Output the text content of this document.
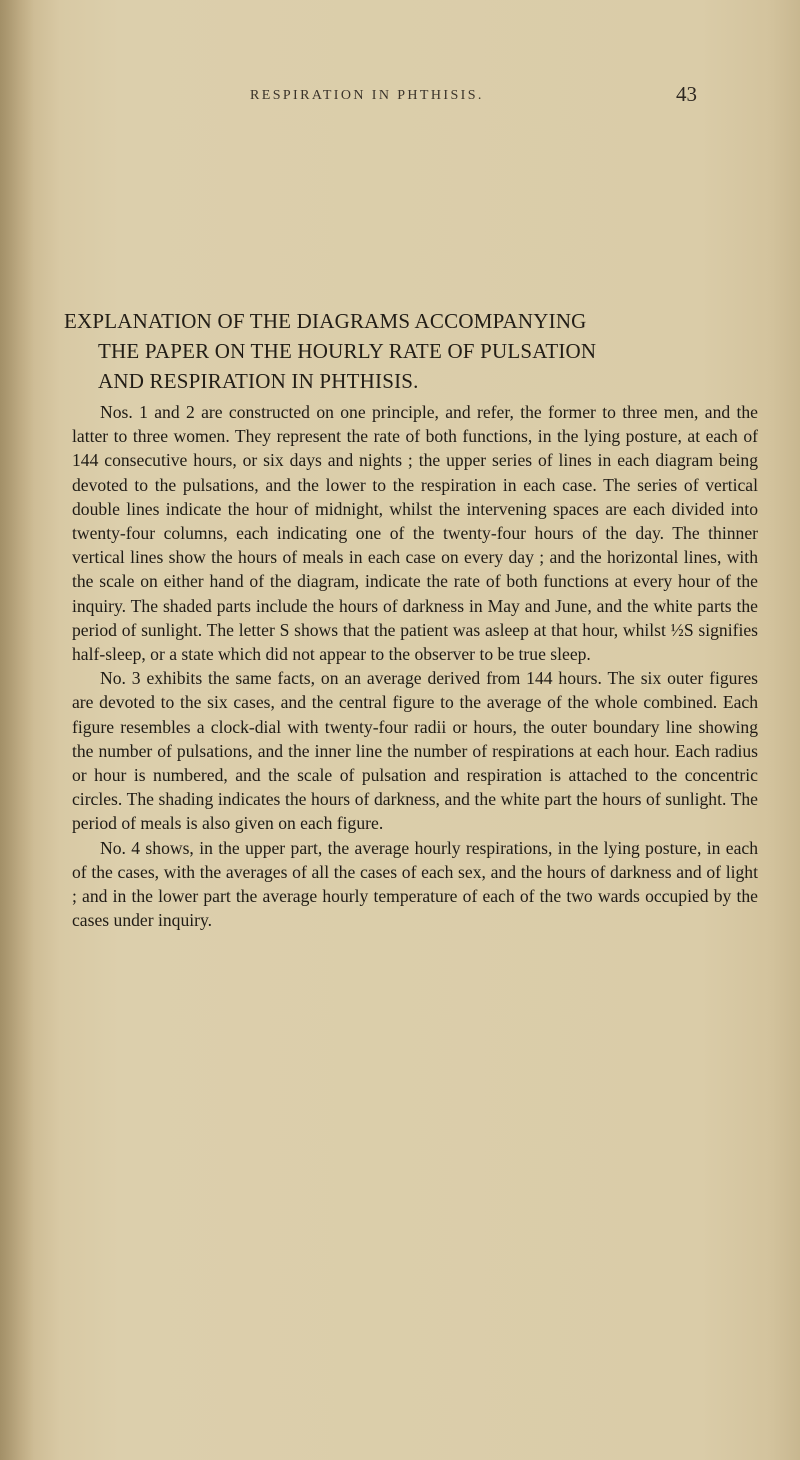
RESPIRATION IN PHTHISIS.	43
EXPLANATION OF THE DIAGRAMS ACCOMPANYING
THE PAPER ON THE HOURLY RATE OF PULSATION
AND RESPIRATION IN PHTHISIS.

Nos. 1 and 2 are constructed on one principle, and refer, the former to three men, and the latter to three women. They represent the rate of both functions, in the lying posture, at each of 144 consecutive hours, or six days and nights ; the upper series of lines in each diagram being devoted to the pulsations, and the lower to the respiration in each case. The series of vertical double lines indicate the hour of midnight, whilst the intervening spaces are each divided into twenty-four columns, each indicating one of the twenty-four hours of the day. The thinner vertical lines show the hours of meals in each case on every day ; and the horizontal lines, with the scale on either hand of the diagram, indicate the rate of both functions at every hour of the inquiry. The shaded parts include the hours of darkness in May and June, and the white parts the period of sunlight. The letter S shows that the patient was asleep at that hour, whilst ½S signifies half-sleep, or a state which did not appear to the observer to be true sleep.

No. 3 exhibits the same facts, on an average derived from 144 hours. The six outer figures are devoted to the six cases, and the central figure to the average of the whole combined. Each figure resembles a clock-dial with twenty-four radii or hours, the outer boundary line showing the number of pulsations, and the inner line the number of respirations at each hour. Each radius or hour is numbered, and the scale of pulsation and respiration is attached to the concentric circles. The shading indicates the hours of darkness, and the white part the hours of sunlight. The period of meals is also given on each figure.

No. 4 shows, in the upper part, the average hourly respirations, in the lying posture, in each of the cases, with the averages of all the cases of each sex, and the hours of darkness and of light ; and in the lower part the average hourly temperature of each of the two wards occupied by the cases under inquiry.
